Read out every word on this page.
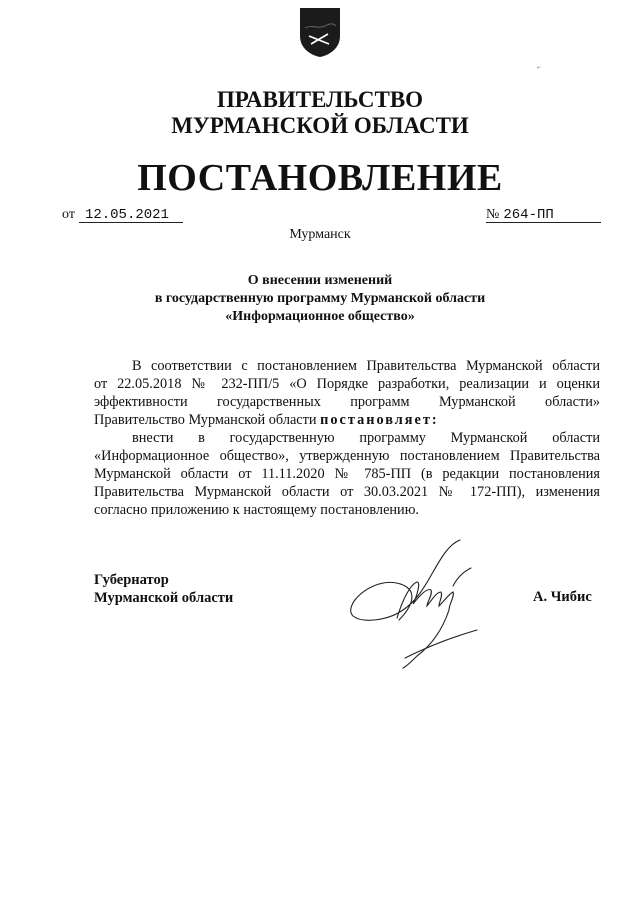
ПРАВИТЕЛЬСТВО
МУРМАНСКОЙ ОБЛАСТИ
ПОСТАНОВЛЕНИЕ
от 12.05.2021	№ 264-ПП
Мурманск
О внесении изменений
в государственную программу Мурманской области
«Информационное общество»
В соответствии с постановлением Правительства Мурманской области
от 22.05.2018 № 232-ПП/5 «О Порядке разработки, реализации и оценки
эффективности государственных программ Мурманской области»
Правительство Мурманской области постановляет:
внести в государственную программу Мурманской области
«Информационное общество», утвержденную постановлением Правительства
Мурманской области от 11.11.2020 № 785-ПП (в редакции постановления
Правительства Мурманской области от 30.03.2021 № 172-ПП), изменения
согласно приложению к настоящему постановлению.
Губернатор
Мурманской области	А. Чибис
